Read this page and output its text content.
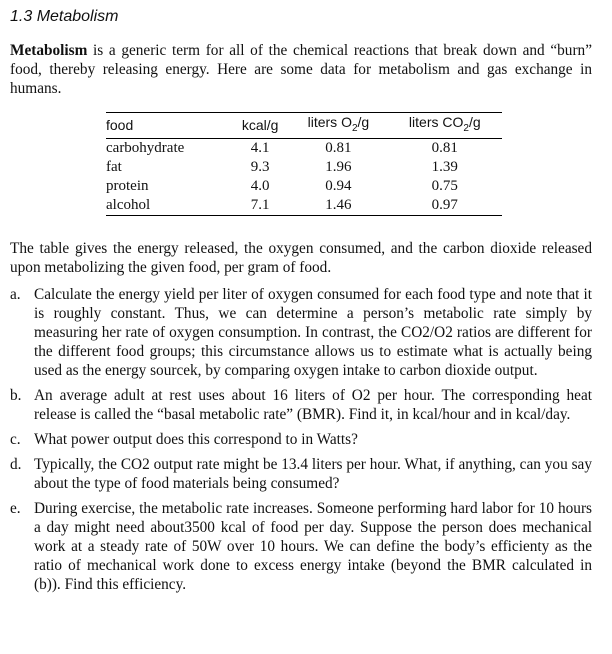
1.3 Metabolism

Metabolism is a generic term for all of the chemical reactions that break down and “burn” food, thereby releasing energy. Here are some data for metabolism and gas exchange in humans.

food	kcal/g	liters $O_2/g$	liters $CO_2/g$
carbohydrate	4.1	0.81	0.81
fat	9.3	1.96	1.39
protein	4.0	0.94	0.75
alcohol	7.1	1.46	0.97

The table gives the energy released, the oxygen consumed, and the carbon dioxide released upon metabolizing the given food, per gram of food.

a. Calculate the energy yield per liter of oxygen consumed for each food type and note that it is roughly constant. Thus, we can determine a person’s metabolic rate simply by measuring her rate of oxygen consumption. In contrast, the CO2/O2 ratios are different for the different food groups; this circumstance allows us to estimate what is actually being used as the energy sourcek, by comparing oxygen intake to carbon dioxide output.

b. An average adult at rest uses about 16 liters of O2 per hour. The corresponding heat release is called the “basal metabolic rate” (BMR). Find it, in kcal/hour and in kcal/day.

c. What power output does this correspond to in Watts?

d. Typically, the CO2 output rate might be 13.4 liters per hour. What, if anything, can you say about the type of food materials being consumed?

e. During exercise, the metabolic rate increases. Someone performing hard labor for 10 hours a day might need about3500 kcal of food per day. Suppose the person does mechanical work at a steady rate of 50W over 10 hours. We can define the body’s efficienty as the ratio of mechanical work done to excess energy intake (beyond the BMR calculated in (b)). Find this efficiency.
